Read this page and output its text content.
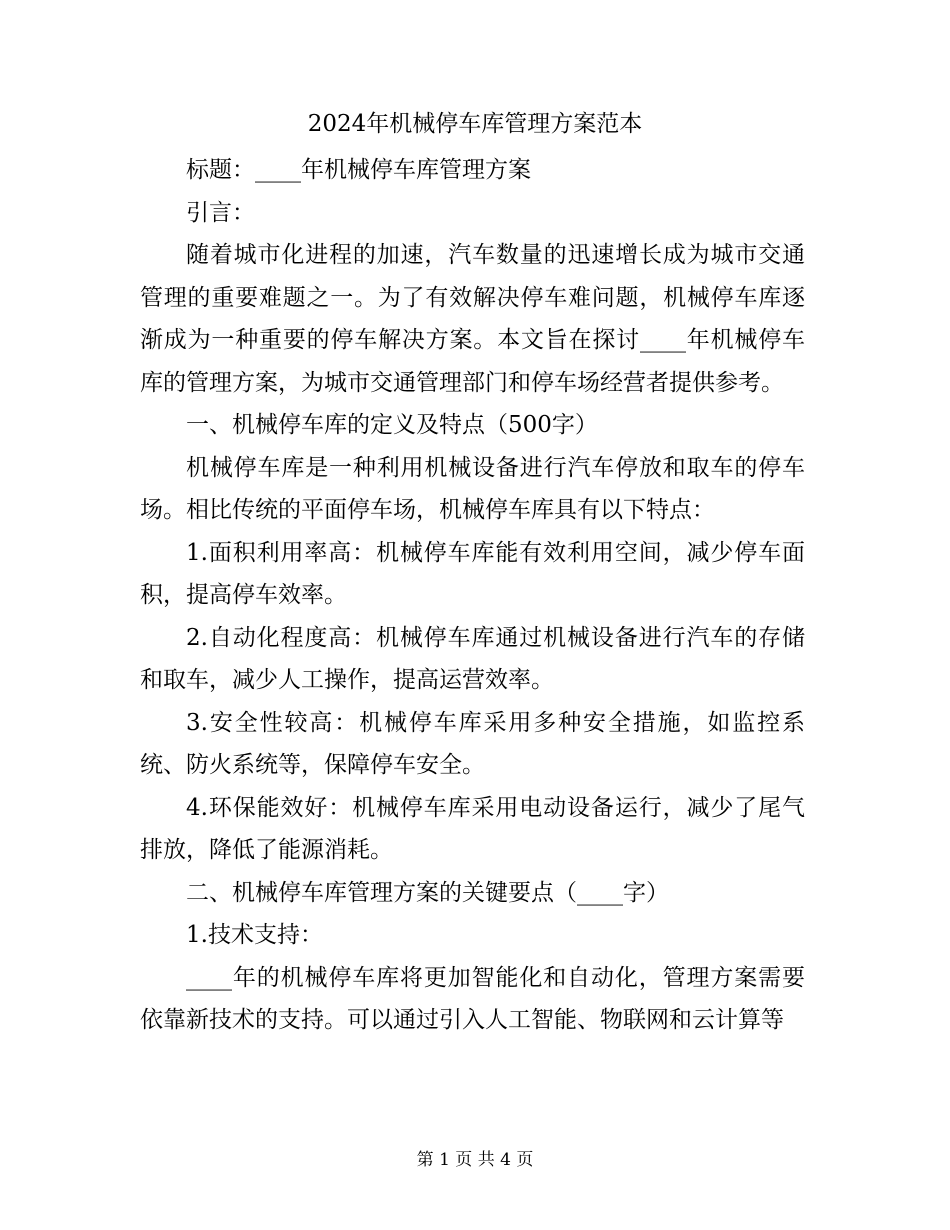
2024年机械停车库管理方案范本

标题：____年机械停车库管理方案

引言：

随着城市化进程的加速，汽车数量的迅速增长成为城市交通管理的重要难题之一。为了有效解决停车难问题，机械停车库逐渐成为一种重要的停车解决方案。本文旨在探讨____年机械停车库的管理方案，为城市交通管理部门和停车场经营者提供参考。

一、机械停车库的定义及特点（500字）

机械停车库是一种利用机械设备进行汽车停放和取车的停车场。相比传统的平面停车场，机械停车库具有以下特点：

1.面积利用率高：机械停车库能有效利用空间，减少停车面积，提高停车效率。

2.自动化程度高：机械停车库通过机械设备进行汽车的存储和取车，减少人工操作，提高运营效率。

3.安全性较高：机械停车库采用多种安全措施，如监控系统、防火系统等，保障停车安全。

4.环保能效好：机械停车库采用电动设备运行，减少了尾气排放，降低了能源消耗。

二、机械停车库管理方案的关键要点（____字）

1.技术支持：

____年的机械停车库将更加智能化和自动化，管理方案需要依靠新技术的支持。可以通过引入人工智能、物联网和云计算等

第 1 页 共 4 页
